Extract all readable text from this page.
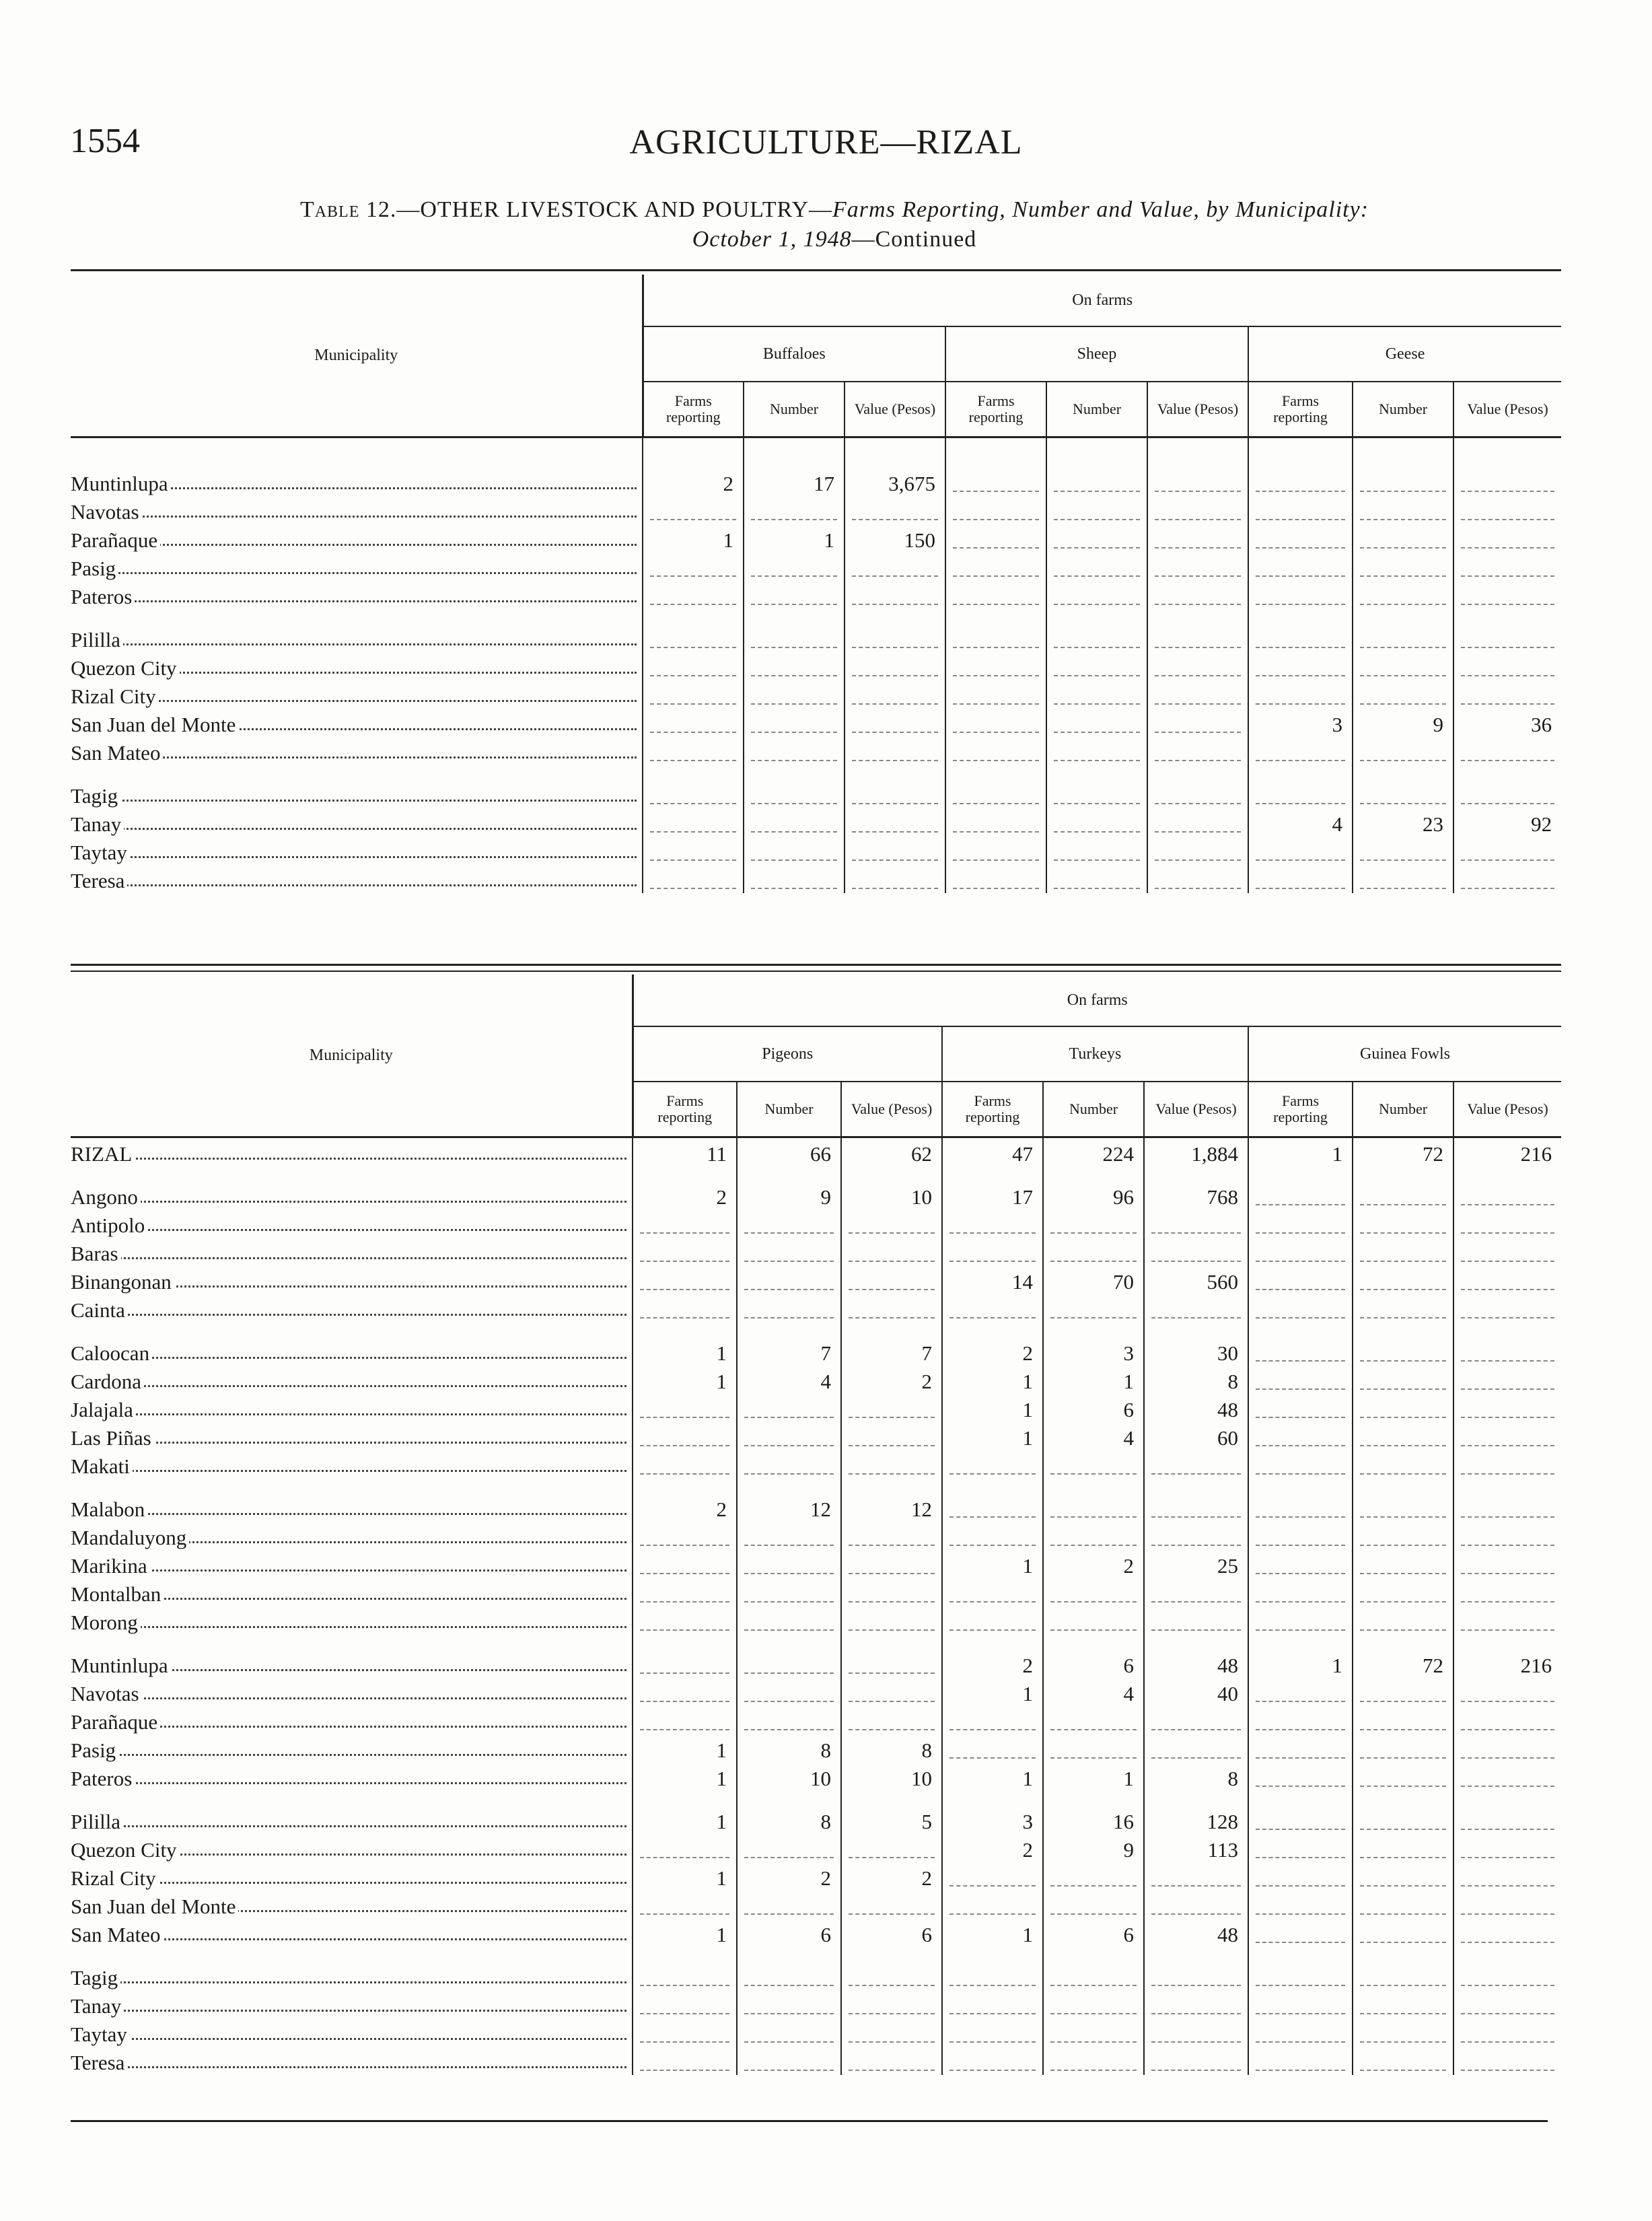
1554	AGRICULTURE—RIZAL
Table 12.—OTHER LIVESTOCK AND POULTRY—Farms Reporting, Number and Value, by Municipality:
October 1, 1948—Continued
Municipality	On farms								
	Buffaloes			Sheep			Geese		
	Farms reporting	Number	Value (Pesos)	Farms reporting	Number	Value (Pesos)	Farms reporting	Number	Value (Pesos)

Muntinlupa	2	17	3,675	

Navotas	

Parañaque	1	1	150	

Pasig	

Pateros	

Pililla	

Quezon City	

Rizal City	

San Juan del Monte							3	9	36

San Mateo	

Tagig	

Tanay							4	23	92

Taytay	

Teresa	

Municipality	On farms								
	Pigeons			Turkeys			Guinea Fowls		
	Farms reporting	Number	Value (Pesos)	Farms reporting	Number	Value (Pesos)	Farms reporting	Number	Value (Pesos)

RIZAL	11	66	62	47	224	1,884	1	72	216

Angono	2	9	10	17	96	768	

Antipolo	

Baras	

Binangonan				14	70	560	

Cainta	

Caloocan	1	7	7	2	3	30	

Cardona	1	4	2	1	1	8	

Jalajala				1	6	48	

Las Piñas				1	4	60	

Makati	

Malabon	2	12	12	

Mandaluyong	

Marikina				1	2	25	

Montalban	

Morong	

Muntinlupa				2	6	48	1	72	216

Navotas				1	4	40	

Parañaque	

Pasig	1	8	8	

Pateros	1	10	10	1	1	8	

Pililla	1	8	5	3	16	128	

Quezon City				2	9	113	

Rizal City	1	2	2	

San Juan del Monte	

San Mateo	1	6	6	1	6	48	

Tagig	

Tanay	

Taytay	

Teresa	
